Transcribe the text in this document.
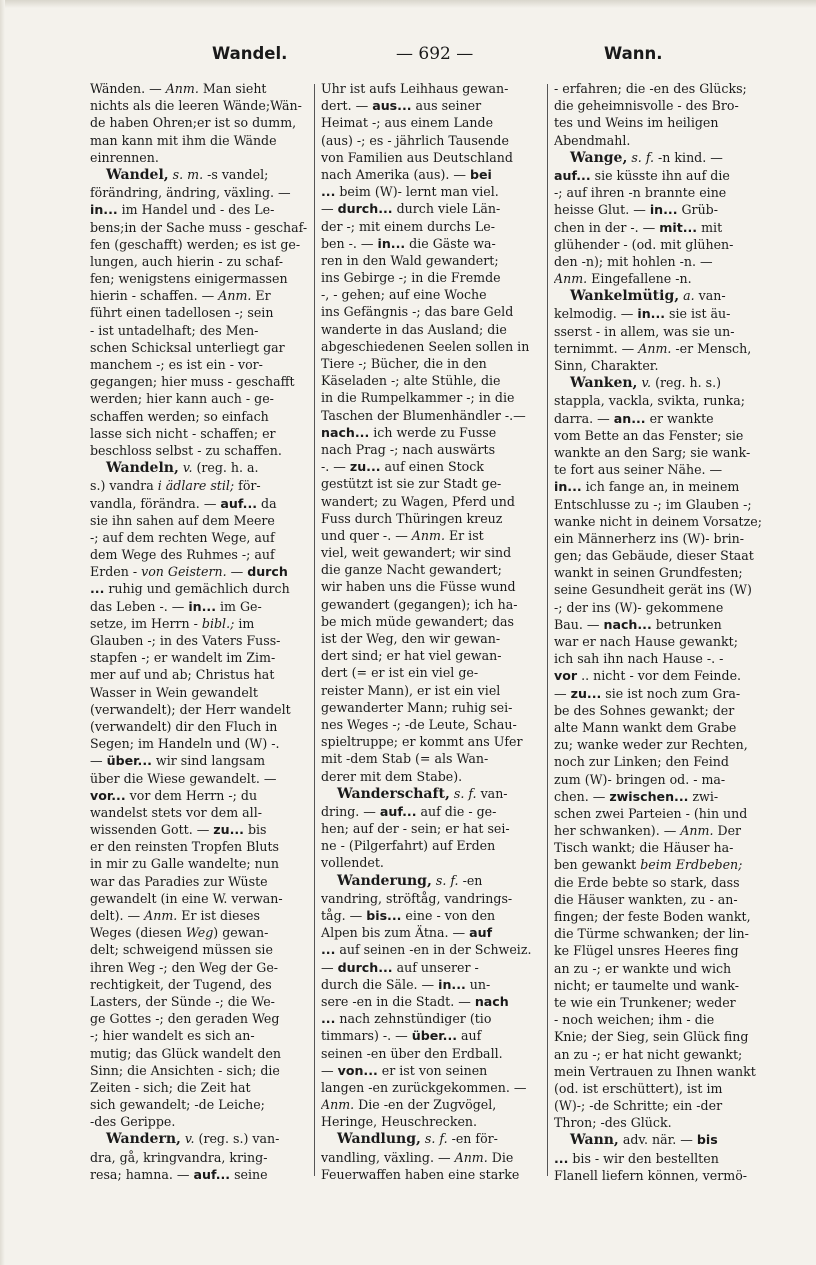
Wandel.	— 692 —	Wann.
Wänden. — Anm. Man sieht
nichts als die leeren Wände;Wän-
de haben Ohren;er ist so dumm,
man kann mit ihm die Wände
einrennen.
Wandel, s. m. -s vandel;
förändring, ändring, växling. —
in... im Handel und - des Le-
bens;in der Sache muss - geschaf-
fen (geschafft) werden; es ist ge-
lungen, auch hierin - zu schaf-
fen; wenigstens einigermassen
hierin - schaffen. — Anm. Er
führt einen tadellosen -; sein
- ist untadelhaft; des Men-
schen Schicksal unterliegt gar
manchem -; es ist ein - vor-
gegangen; hier muss - geschafft
werden; hier kann auch - ge-
schaffen werden; so einfach
lasse sich nicht - schaffen; er
beschloss selbst - zu schaffen.
Wandeln, v. (reg. h. a.
s.) vandra i ädlare stil; för-
vandla, förändra. — auf... da
sie ihn sahen auf dem Meere
-; auf dem rechten Wege, auf
dem Wege des Ruhmes -; auf
Erden - von Geistern. — durch
... ruhig und gemächlich durch
das Leben -. — in... im Ge-
setze, im Herrn - bibl.; im
Glauben -; in des Vaters Fuss-
stapfen -; er wandelt im Zim-
mer auf und ab; Christus hat
Wasser in Wein gewandelt
(verwandelt); der Herr wandelt
(verwandelt) dir den Fluch in
Segen; im Handeln und (W) -.
— über... wir sind langsam
über die Wiese gewandelt. —
vor... vor dem Herrn -; du
wandelst stets vor dem all-
wissenden Gott. — zu... bis
er den reinsten Tropfen Bluts
in mir zu Galle wandelte; nun
war das Paradies zur Wüste
gewandelt (in eine W. verwan-
delt). — Anm. Er ist dieses
Weges (diesen Weg) gewan-
delt; schweigend müssen sie
ihren Weg -; den Weg der Ge-
rechtigkeit, der Tugend, des
Lasters, der Sünde -; die We-
ge Gottes -; den geraden Weg
-; hier wandelt es sich an-
mutig; das Glück wandelt den
Sinn; die Ansichten - sich; die
Zeiten - sich; die Zeit hat
sich gewandelt; -de Leiche;
-des Gerippe.
Wandern, v. (reg. s.) van-
dra, gå, kringvandra, kring-
resa; hamna. — auf... seine
Uhr ist aufs Leihhaus gewan-
dert. — aus... aus seiner
Heimat -; aus einem Lande
(aus) -; es - jährlich Tausende
von Familien aus Deutschland
nach Amerika (aus). — bei
... beim (W)- lernt man viel.
— durch... durch viele Län-
der -; mit einem durchs Le-
ben -. — in... die Gäste wa-
ren in den Wald gewandert;
ins Gebirge -; in die Fremde
-, - gehen; auf eine Woche
ins Gefängnis -; das bare Geld
wanderte in das Ausland; die
abgeschiedenen Seelen sollen in
Tiere -; Bücher, die in den
Käseladen -; alte Stühle, die
in die Rumpelkammer -; in die
Taschen der Blumenhändler -.—
nach... ich werde zu Fusse
nach Prag -; nach auswärts
-. — zu... auf einen Stock
gestützt ist sie zur Stadt ge-
wandert; zu Wagen, Pferd und
Fuss durch Thüringen kreuz
und quer -. — Anm. Er ist
viel, weit gewandert; wir sind
die ganze Nacht gewandert;
wir haben uns die Füsse wund
gewandert (gegangen); ich ha-
be mich müde gewandert; das
ist der Weg, den wir gewan-
dert sind; er hat viel gewan-
dert (= er ist ein viel ge-
reister Mann), er ist ein viel
gewanderter Mann; ruhig sei-
nes Weges -; -de Leute, Schau-
spieltruppe; er kommt ans Ufer
mit -dem Stab (= als Wan-
derer mit dem Stabe).
Wanderschaft, s. f. van-
dring. — auf... auf die - ge-
hen; auf der - sein; er hat sei-
ne - (Pilgerfahrt) auf Erden
vollendet.
Wanderung, s. f. -en
vandring, ströftåg, vandrings-
tåg. — bis... eine - von den
Alpen bis zum Ätna. — auf
... auf seinen -en in der Schweiz.
— durch... auf unserer -
durch die Säle. — in... un-
sere -en in die Stadt. — nach
... nach zehnstündiger (tio
timmars) -. — über... auf
seinen -en über den Erdball.
— von... er ist von seinen
langen -en zurückgekommen. —
Anm. Die -en der Zugvögel,
Heringe, Heuschrecken.
Wandlung, s. f. -en för-
vandling, växling. — Anm. Die
Feuerwaffen haben eine starke
- erfahren; die -en des Glücks;
die geheimnisvolle - des Bro-
tes und Weins im heiligen
Abendmahl.
Wange, s. f. -n kind. —
auf... sie küsste ihn auf die
-; auf ihren -n brannte eine
heisse Glut. — in... Grüb-
chen in der -. — mit... mit
glühender - (od. mit glühen-
den -n); mit hohlen -n. —
Anm. Eingefallene -n.
Wankelmütig, a. van-
kelmodig. — in... sie ist äu-
sserst - in allem, was sie un-
ternimmt. — Anm. -er Mensch,
Sinn, Charakter.
Wanken, v. (reg. h. s.)
stappla, vackla, svikta, runka;
darra. — an... er wankte
vom Bette an das Fenster; sie
wankte an den Sarg; sie wank-
te fort aus seiner Nähe. —
in... ich fange an, in meinem
Entschlusse zu -; im Glauben -;
wanke nicht in deinem Vorsatze;
ein Männerherz ins (W)- brin-
gen; das Gebäude, dieser Staat
wankt in seinen Grundfesten;
seine Gesundheit gerät ins (W)
-; der ins (W)- gekommene
Bau. — nach... betrunken
war er nach Hause gewankt;
ich sah ihn nach Hause -. -
vor .. nicht - vor dem Feinde.
— zu... sie ist noch zum Gra-
be des Sohnes gewankt; der
alte Mann wankt dem Grabe
zu; wanke weder zur Rechten,
noch zur Linken; den Feind
zum (W)- bringen od. - ma-
chen. — zwischen... zwi-
schen zwei Parteien - (hin und
her schwanken). — Anm. Der
Tisch wankt; die Häuser ha-
ben gewankt beim Erdbeben;
die Erde bebte so stark, dass
die Häuser wankten, zu - an-
fingen; der feste Boden wankt,
die Türme schwanken; der lin-
ke Flügel unsres Heeres fing
an zu -; er wankte und wich
nicht; er taumelte und wank-
te wie ein Trunkener; weder
- noch weichen; ihm - die
Knie; der Sieg, sein Glück fing
an zu -; er hat nicht gewankt;
mein Vertrauen zu Ihnen wankt
(od. ist erschüttert), ist im
(W)-; -de Schritte; ein -der
Thron; -des Glück.
Wann, adv. när. — bis
... bis - wir den bestellten
Flanell liefern können, vermö-
